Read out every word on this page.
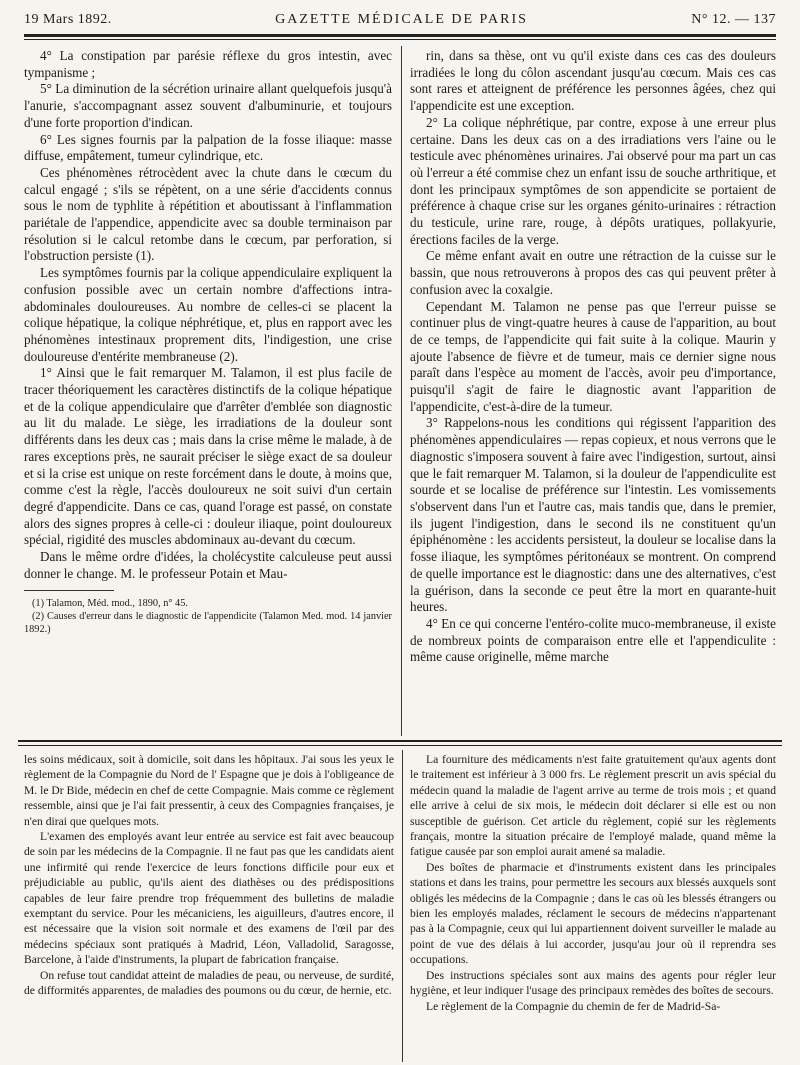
19 Mars 1892.	GAZETTE MÉDICALE DE PARIS	N° 12. — 137

4° La constipation par parésie réflexe du gros intestin, avec tympanisme ;

5° La diminution de la sécrétion urinaire allant quelquefois jusqu'à l'anurie, s'accompagnant assez souvent d'albuminurie, et toujours d'une forte proportion d'indican.

6° Les signes fournis par la palpation de la fosse iliaque: masse diffuse, empâtement, tumeur cylindrique, etc.

Ces phénomènes rétrocèdent avec la chute dans le cœcum du calcul engagé ; s'ils se répètent, on a une série d'accidents connus sous le nom de typhlite à répétition et aboutissant à l'inflammation pariétale de l'appendice, appendicite avec sa double terminaison par résolution si le calcul retombe dans le cœcum, par perforation, si l'obstruction persiste (1).

Les symptômes fournis par la colique appendiculaire expliquent la confusion possible avec un certain nombre d'affections intra-abdominales douloureuses. Au nombre de celles-ci se placent la colique hépatique, la colique néphrétique, et, plus en rapport avec les phénomènes intestinaux proprement dits, l'indigestion, une crise douloureuse d'entérite membraneuse (2).

1° Ainsi que le fait remarquer M. Talamon, il est plus facile de tracer théoriquement les caractères distinctifs de la colique hépatique et de la colique appendiculaire que d'arrêter d'emblée son diagnostic au lit du malade. Le siège, les irradiations de la douleur sont différents dans les deux cas ; mais dans la crise même le malade, à de rares exceptions près, ne saurait préciser le siège exact de sa douleur et si la crise est unique on reste forcément dans le doute, à moins que, comme c'est la règle, l'accès douloureux ne soit suivi d'un certain degré d'appendicite. Dans ce cas, quand l'orage est passé, on constate alors des signes propres à celle-ci : douleur iliaque, point douloureux spécial, rigidité des muscles abdominaux au-devant du cœcum.

Dans le même ordre d'idées, la cholécystite calculeuse peut aussi donner le change. M. le professeur Potain et Mau-

(1) Talamon, Méd. mod., 1890, n° 45.

(2) Causes d'erreur dans le diagnostic de l'appendicite (Talamon Med. mod. 14 janvier 1892.)

rin, dans sa thèse, ont vu qu'il existe dans ces cas des douleurs irradiées le long du côlon ascendant jusqu'au cœcum. Mais ces cas sont rares et atteignent de préférence les personnes âgées, chez qui l'appendicite est une exception.

2° La colique néphrétique, par contre, expose à une erreur plus certaine. Dans les deux cas on a des irradiations vers l'aine ou le testicule avec phénomènes urinaires. J'ai observé pour ma part un cas où l'erreur a été commise chez un enfant issu de souche arthritique, et dont les principaux symptômes de son appendicite se portaient de préférence à chaque crise sur les organes génito-urinaires : rétraction du testicule, urine rare, rouge, à dépôts uratiques, pollakyurie, érections faciles de la verge.

Ce même enfant avait en outre une rétraction de la cuisse sur le bassin, que nous retrouverons à propos des cas qui peuvent prêter à confusion avec la coxalgie.

Cependant M. Talamon ne pense pas que l'erreur puisse se continuer plus de vingt-quatre heures à cause de l'apparition, au bout de ce temps, de l'appendicite qui fait suite à la colique. Maurin y ajoute l'absence de fièvre et de tumeur, mais ce dernier signe nous paraît dans l'espèce au moment de l'accès, avoir peu d'importance, puisqu'il s'agit de faire le diagnostic avant l'apparition de l'appendicite, c'est-à-dire de la tumeur.

3° Rappelons-nous les conditions qui régissent l'apparition des phénomènes appendiculaires — repas copieux, et nous verrons que le diagnostic s'imposera souvent à faire avec l'indigestion, surtout, ainsi que le fait remarquer M. Talamon, si la douleur de l'appendiculite est sourde et se localise de préférence sur l'intestin. Les vomissements s'observent dans l'un et l'autre cas, mais tandis que, dans le premier, ils jugent l'indigestion, dans le second ils ne constituent qu'un épiphénomène : les accidents persisteut, la douleur se localise dans la fosse iliaque, les symptômes péritonéaux se montrent. On comprend de quelle importance est le diagnostic: dans une des alternatives, c'est la guérison, dans la seconde ce peut être la mort en quarante-huit heures.

4° En ce qui concerne l'entéro-colite muco-membraneuse, il existe de nombreux points de comparaison entre elle et l'appendiculite : même cause originelle, même marche

les soins médicaux, soit à domicile, soit dans les hôpitaux. J'ai sous les yeux le règlement de la Compagnie du Nord de l' Espagne que je dois à l'obligeance de M. le Dr Bide, médecin en chef de cette Compagnie. Mais comme ce règlement ressemble, ainsi que je l'ai fait pressentir, à ceux des Compagnies françaises, je n'en dirai que quelques mots.

L'examen des employés avant leur entrée au service est fait avec beaucoup de soin par les médecins de la Compagnie. Il ne faut pas que les candidats aient une infirmité qui rende l'exercice de leurs fonctions difficile pour eux et préjudiciable au public, qu'ils aient des diathèses ou des prédispositions capables de leur faire prendre trop fréquemment des bulletins de maladie exemptant du service. Pour les mécaniciens, les aiguilleurs, d'autres encore, il est nécessaire que la vision soit normale et des examens de l'œil par des médecins spéciaux sont pratiqués à Madrid, Léon, Valladolid, Saragosse, Barcelone, à l'aide d'instruments, la plupart de fabrication française.

On refuse tout candidat atteint de maladies de peau, ou nerveuse, de surdité, de difformités apparentes, de maladies des poumons ou du cœur, de hernie, etc.

La fourniture des médicaments n'est faite gratuitement qu'aux agents dont le traitement est inférieur à 3 000 frs. Le règlement prescrit un avis spécial du médecin quand la maladie de l'agent arrive au terme de trois mois ; et quand elle arrive à celui de six mois, le médecin doit déclarer si elle est ou non susceptible de guérison. Cet article du règlement, copié sur les règlements français, montre la situation précaire de l'employé malade, quand même la fatigue causée par son emploi aurait amené sa maladie.

Des boîtes de pharmacie et d'instruments existent dans les principales stations et dans les trains, pour permettre les secours aux blessés auxquels sont obligés les médecins de la Compagnie ; dans le cas où les blessés étrangers ou bien les employés malades, réclament le secours de médecins n'appartenant pas à la Compagnie, ceux qui lui appartiennent doivent surveiller le malade au point de vue des délais à lui accorder, jusqu'au jour où il reprendra ses occupations.

Des instructions spéciales sont aux mains des agents pour régler leur hygiène, et leur indiquer l'usage des principaux remèdes des boîtes de secours.

Le règlement de la Compagnie du chemin de fer de Madrid-Sa-
